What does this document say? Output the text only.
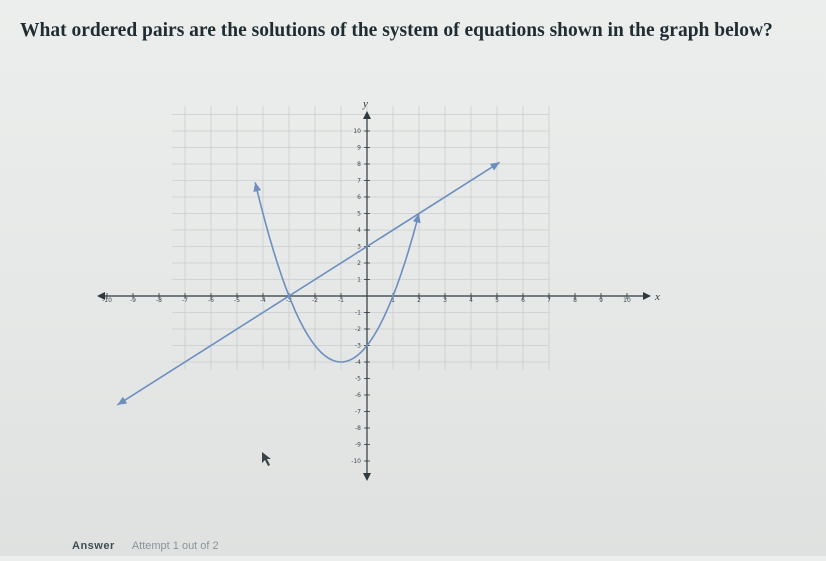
What ordered pairs are the solutions of the system of equations shown in the graph below?
x
y
-10	-9	-8	-7	-6	-5	-4	-3	-2	-1	1	2	3	4	5	6	7	8	9	10
-10
-9
-8
-7
-6
-5
-4
-3
-2
-1
1
2
3
4
5
6
7
8
9
10
Answer Attempt 1 out of 2
